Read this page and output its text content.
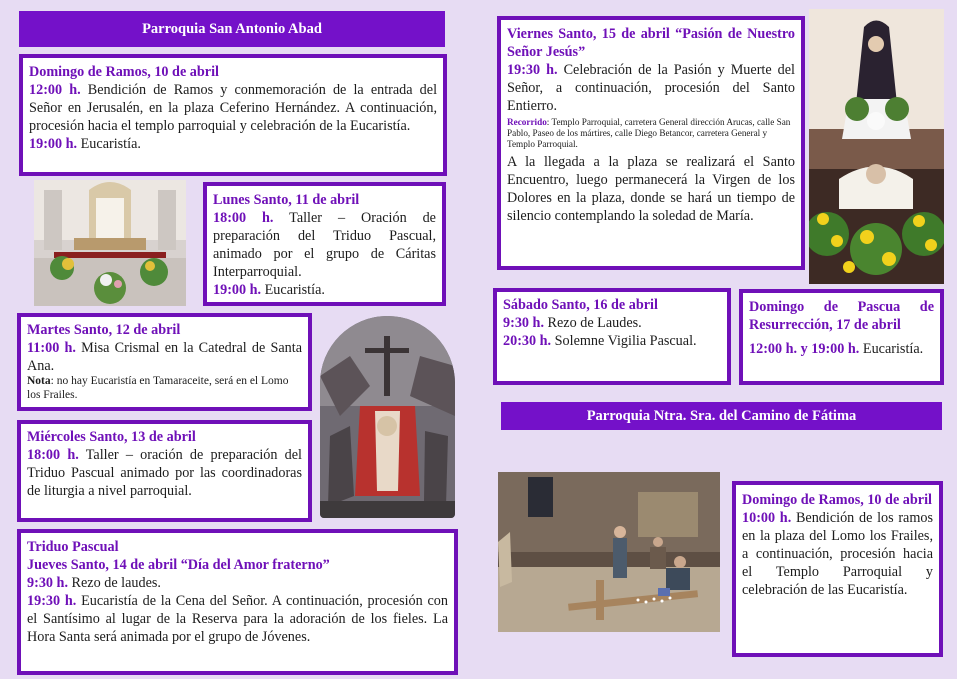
Parroquia San Antonio Abad
Domingo de Ramos, 10 de abril

12:00 h. Bendición de Ramos y conmemoración de la entrada del Señor en Jerusalén, en la plaza Ceferino Hernández. A continuación, procesión hacia el templo parroquial y celebración de la Eucaristía.

19:00 h. Eucaristía.

Lunes Santo, 11 de abril

18:00 h. Taller – Oración de preparación del Triduo Pascual, animado por el grupo de Cáritas Interparroquial.

19:00 h. Eucaristía.

Martes Santo, 12 de abril

11:00 h. Misa Crismal en la Catedral de Santa Ana.

Nota: no hay Eucaristía en Tamaraceite, será en el Lomo los Frailes.

Miércoles Santo, 13 de abril

18:00 h. Taller – oración de preparación del Triduo Pascual animado por las coordinadoras de liturgia a nivel parroquial.

Triduo Pascual
Jueves Santo, 14 de abril “Día del Amor fraterno”

9:30 h. Rezo de laudes.

19:30 h. Eucaristía de la Cena del Señor. A continuación, procesión con el Santísimo al lugar de la Reserva para la adoración de los fieles. La Hora Santa será animada por el grupo de Jóvenes.

Viernes Santo, 15 de abril “Pasión de Nuestro Señor Jesús”

19:30 h. Celebración de la Pasión y Muerte del Señor, a continuación, procesión del Santo Entierro.

Recorrido: Templo Parroquial, carretera General dirección Arucas, calle San Pablo, Paseo de los mártires, calle Diego Betancor, carretera General y Templo Parroquial.

A la llegada a la plaza se realizará el Santo Encuentro, luego permanecerá la Virgen de los Dolores en la plaza, donde se hará un tiempo de silencio contemplando la soledad de María.

Sábado Santo, 16 de abril

9:30 h. Rezo de Laudes.

20:30 h. Solemne Vigilia Pascual.

Domingo de Pascua de Resurrección, 17 de abril

12:00 h. y 19:00 h. Eucaristía.

Parroquia Ntra. Sra. del Camino de Fátima
Domingo de Ramos, 10 de abril

10:00 h. Bendición de los ramos en la plaza del Lomo los Frailes, a continuación, procesión hacia el Templo Parroquial y celebración de las Eucaristía.
